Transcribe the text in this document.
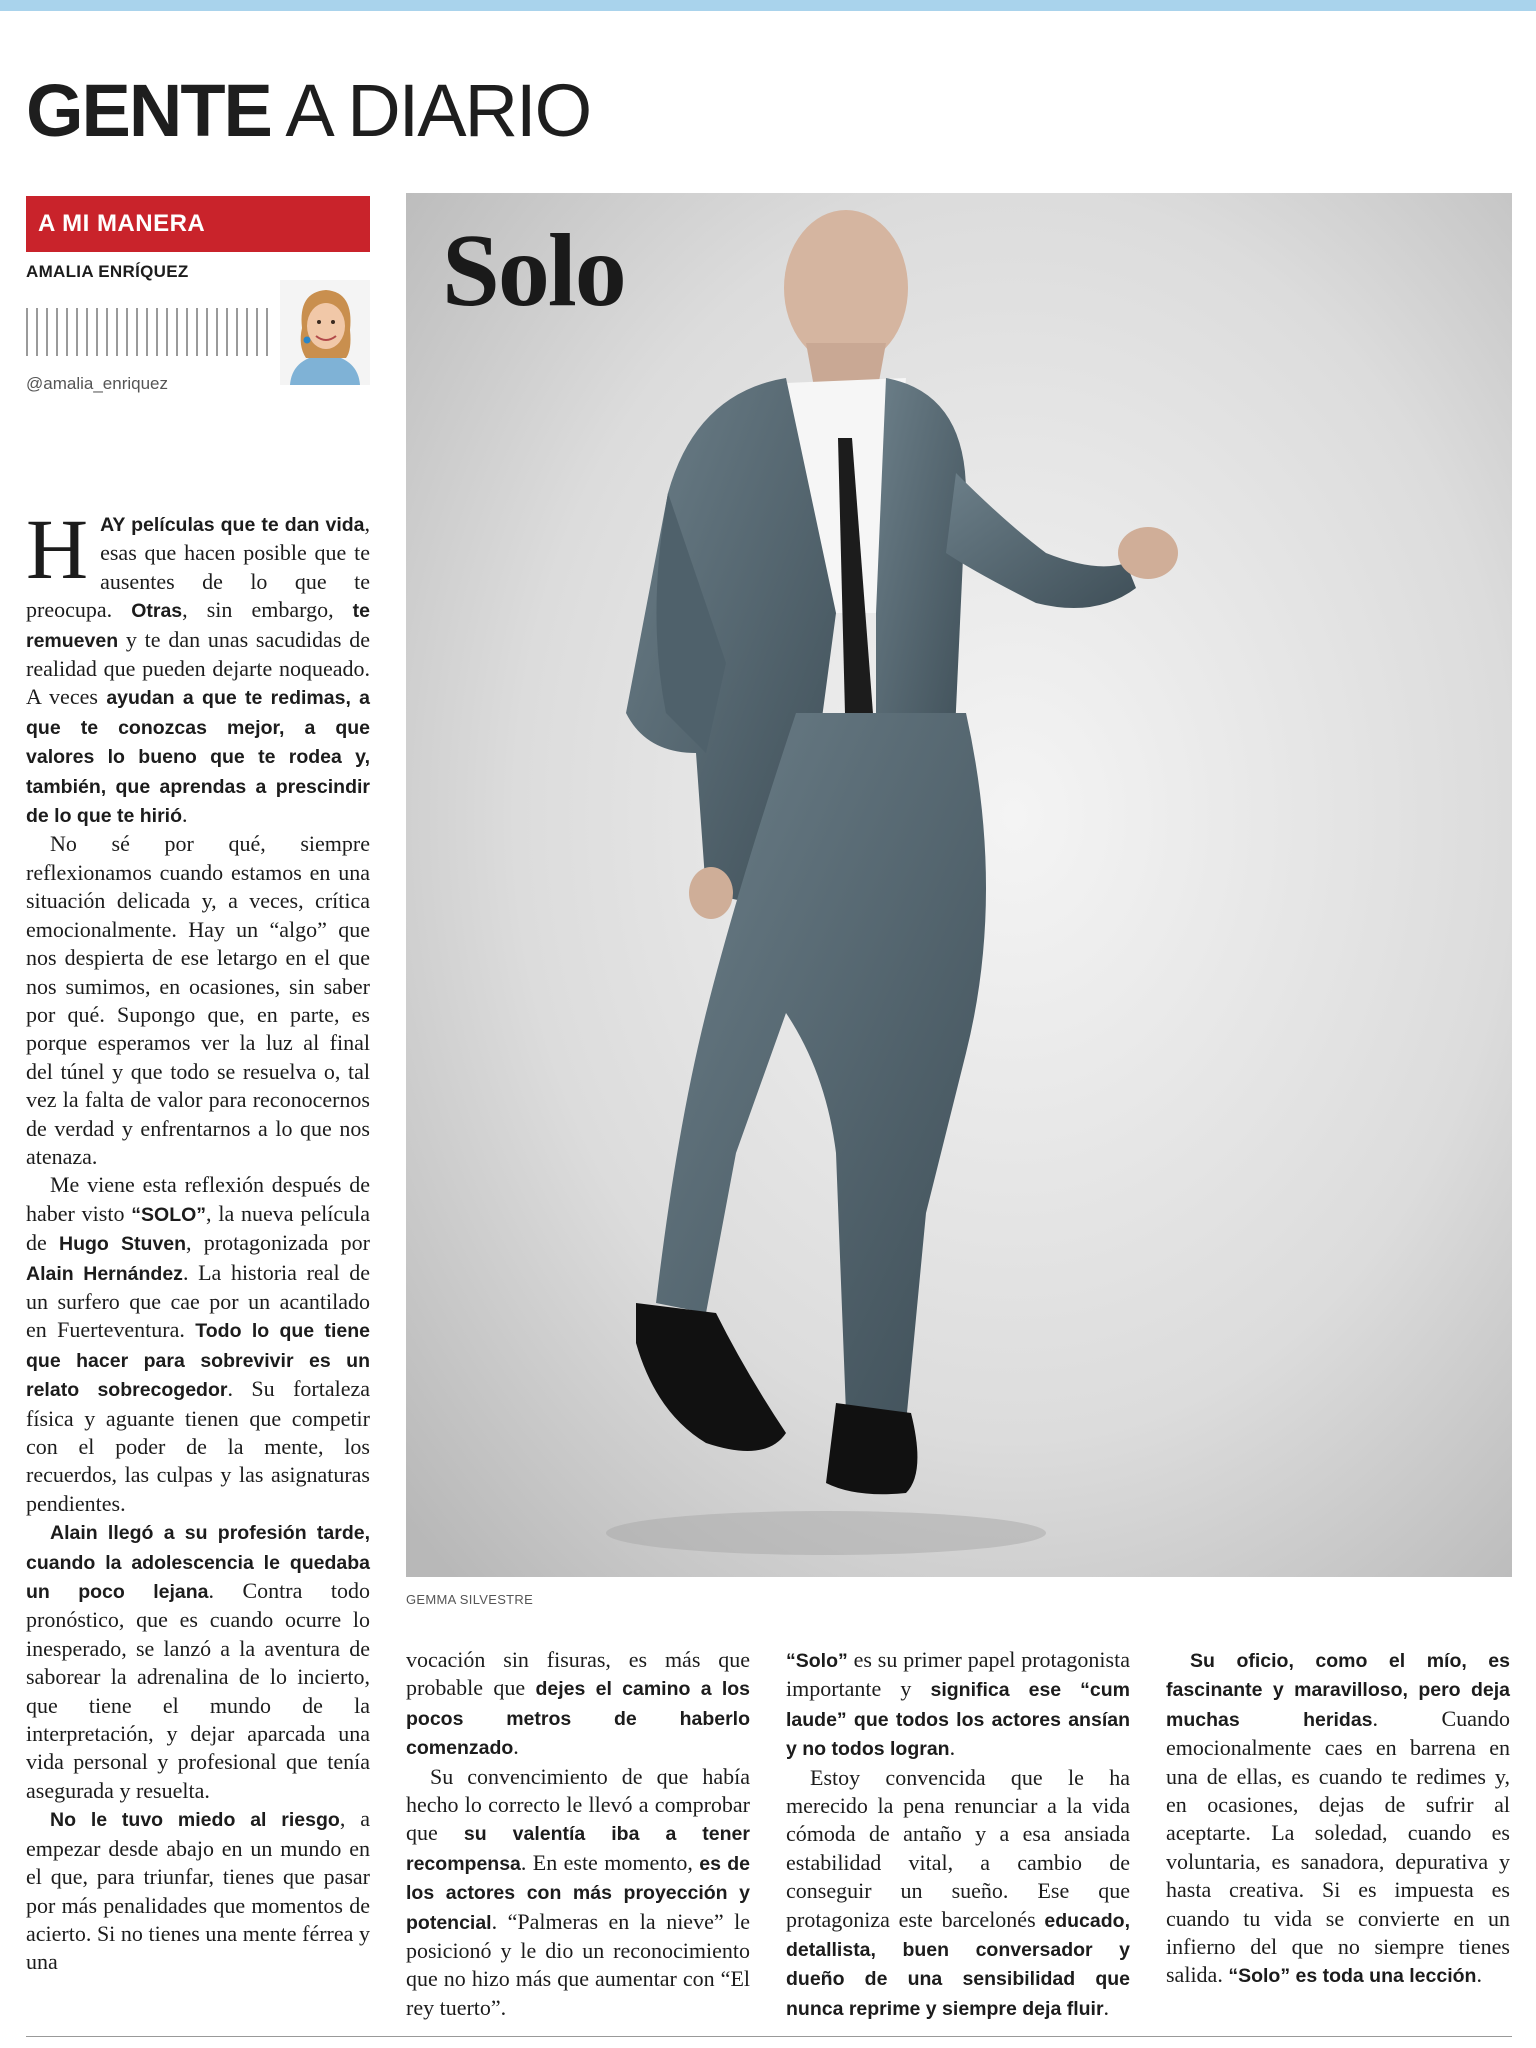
GENTE A DIARIO
A MI MANERA
AMALIA ENRÍQUEZ
@amalia_enriquez
Solo
GEMMA SILVESTRE

HAY películas que te dan vida, esas que hacen posible que te ausentes de lo que te preocupa. Otras, sin embargo, te remueven y te dan unas sacudidas de realidad que pueden dejarte noqueado. A veces ayudan a que te redimas, a que te conozcas mejor, a que valores lo bueno que te rodea y, también, que aprendas a prescindir de lo que te hirió.

No sé por qué, siempre reflexionamos cuando estamos en una situación delicada y, a veces, crítica emocionalmente. Hay un “algo” que nos despierta de ese letargo en el que nos sumimos, en ocasiones, sin saber por qué. Supongo que, en parte, es porque esperamos ver la luz al final del túnel y que todo se resuelva o, tal vez la falta de valor para reconocernos de verdad y enfrentarnos a lo que nos atenaza.

Me viene esta reflexión después de haber visto “SOLO”, la nueva película de Hugo Stuven, protagonizada por Alain Hernández. La historia real de un surfero que cae por un acantilado en Fuerteventura. Todo lo que tiene que hacer para sobrevivir es un relato sobrecogedor. Su fortaleza física y aguante tienen que competir con el poder de la mente, los recuerdos, las culpas y las asignaturas pendientes.

Alain llegó a su profesión tarde, cuando la adolescencia le quedaba un poco lejana. Contra todo pronóstico, que es cuando ocurre lo inesperado, se lanzó a la aventura de saborear la adrenalina de lo incierto, que tiene el mundo de la interpretación, y dejar aparcada una vida personal y profesional que tenía asegurada y resuelta.

No le tuvo miedo al riesgo, a empezar desde abajo en un mundo en el que, para triunfar, tienes que pasar por más penalidades que momentos de acierto. Si no tienes una mente férrea y una

vocación sin fisuras, es más que probable que dejes el camino a los pocos metros de haberlo comenzado.

Su convencimiento de que había hecho lo correcto le llevó a comprobar que su valentía iba a tener recompensa. En este momento, es de los actores con más proyección y potencial. “Palmeras en la nieve” le posicionó y le dio un reconocimiento que no hizo más que aumentar con “El rey tuerto”.

“Solo” es su primer papel protagonista importante y significa ese “cum laude” que todos los actores ansían y no todos logran.

Estoy convencida que le ha merecido la pena renunciar a la vida cómoda de antaño y a esa ansiada estabilidad vital, a cambio de conseguir un sueño. Ese que protagoniza este barcelonés educado, detallista, buen conversador y dueño de una sensibilidad que nunca reprime y siempre deja fluir.

Su oficio, como el mío, es fascinante y maravilloso, pero deja muchas heridas. Cuando emocionalmente caes en barrena en una de ellas, es cuando te redimes y, en ocasiones, dejas de sufrir al aceptarte. La soledad, cuando es voluntaria, es sanadora, depurativa y hasta creativa. Si es impuesta es cuando tu vida se convierte en un infierno del que no siempre tienes salida. “Solo” es toda una lección.
